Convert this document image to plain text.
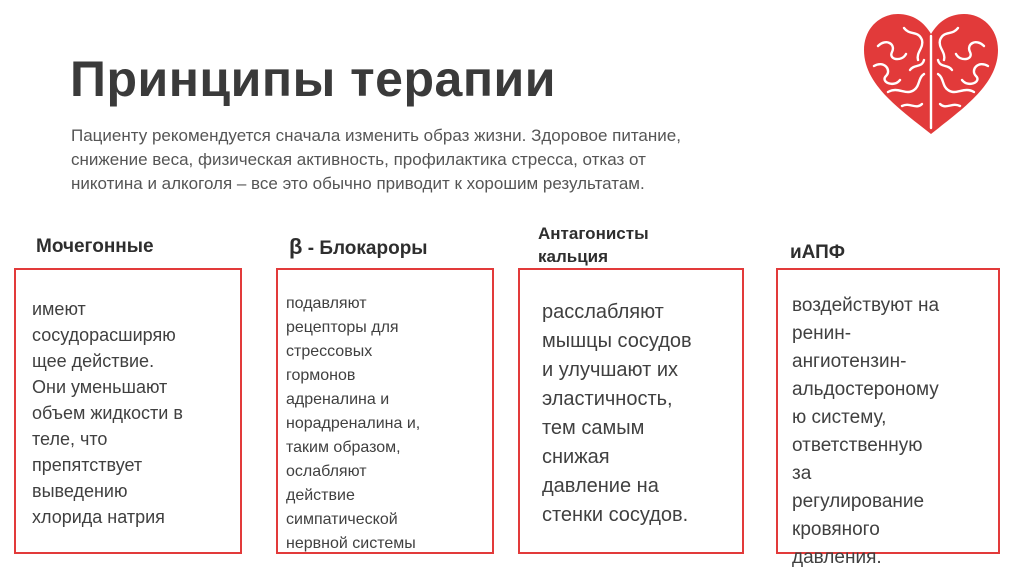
Принципы терапии

Пациенту рекомендуется сначала изменить образ жизни. Здоровое питание, снижение веса, физическая активность, профилактика стресса, отказ от никотина и алкоголя – все это обычно приводит к хорошим результатам.

Мочегонные

имеют
сосудорасширяю
щее действие.
Они уменьшают
объем жидкости в
теле, что
препятствует
выведению
хлорида натрия

β - Блокароры

подавляют
рецепторы для
стрессовых
гормонов
адреналина и
норадреналина и,
таким образом,
ослабляют
действие
симпатической
нервной системы

Антагонисты
кальция

расслабляют
мышцы сосудов
и улучшают их
эластичность,
тем самым
снижая
давление на
стенки сосудов.

иАПФ

воздействуют на
ренин-
ангиотензин-
альдостероному
ю систему,
ответственную
за
регулирование
кровяного
давления.
